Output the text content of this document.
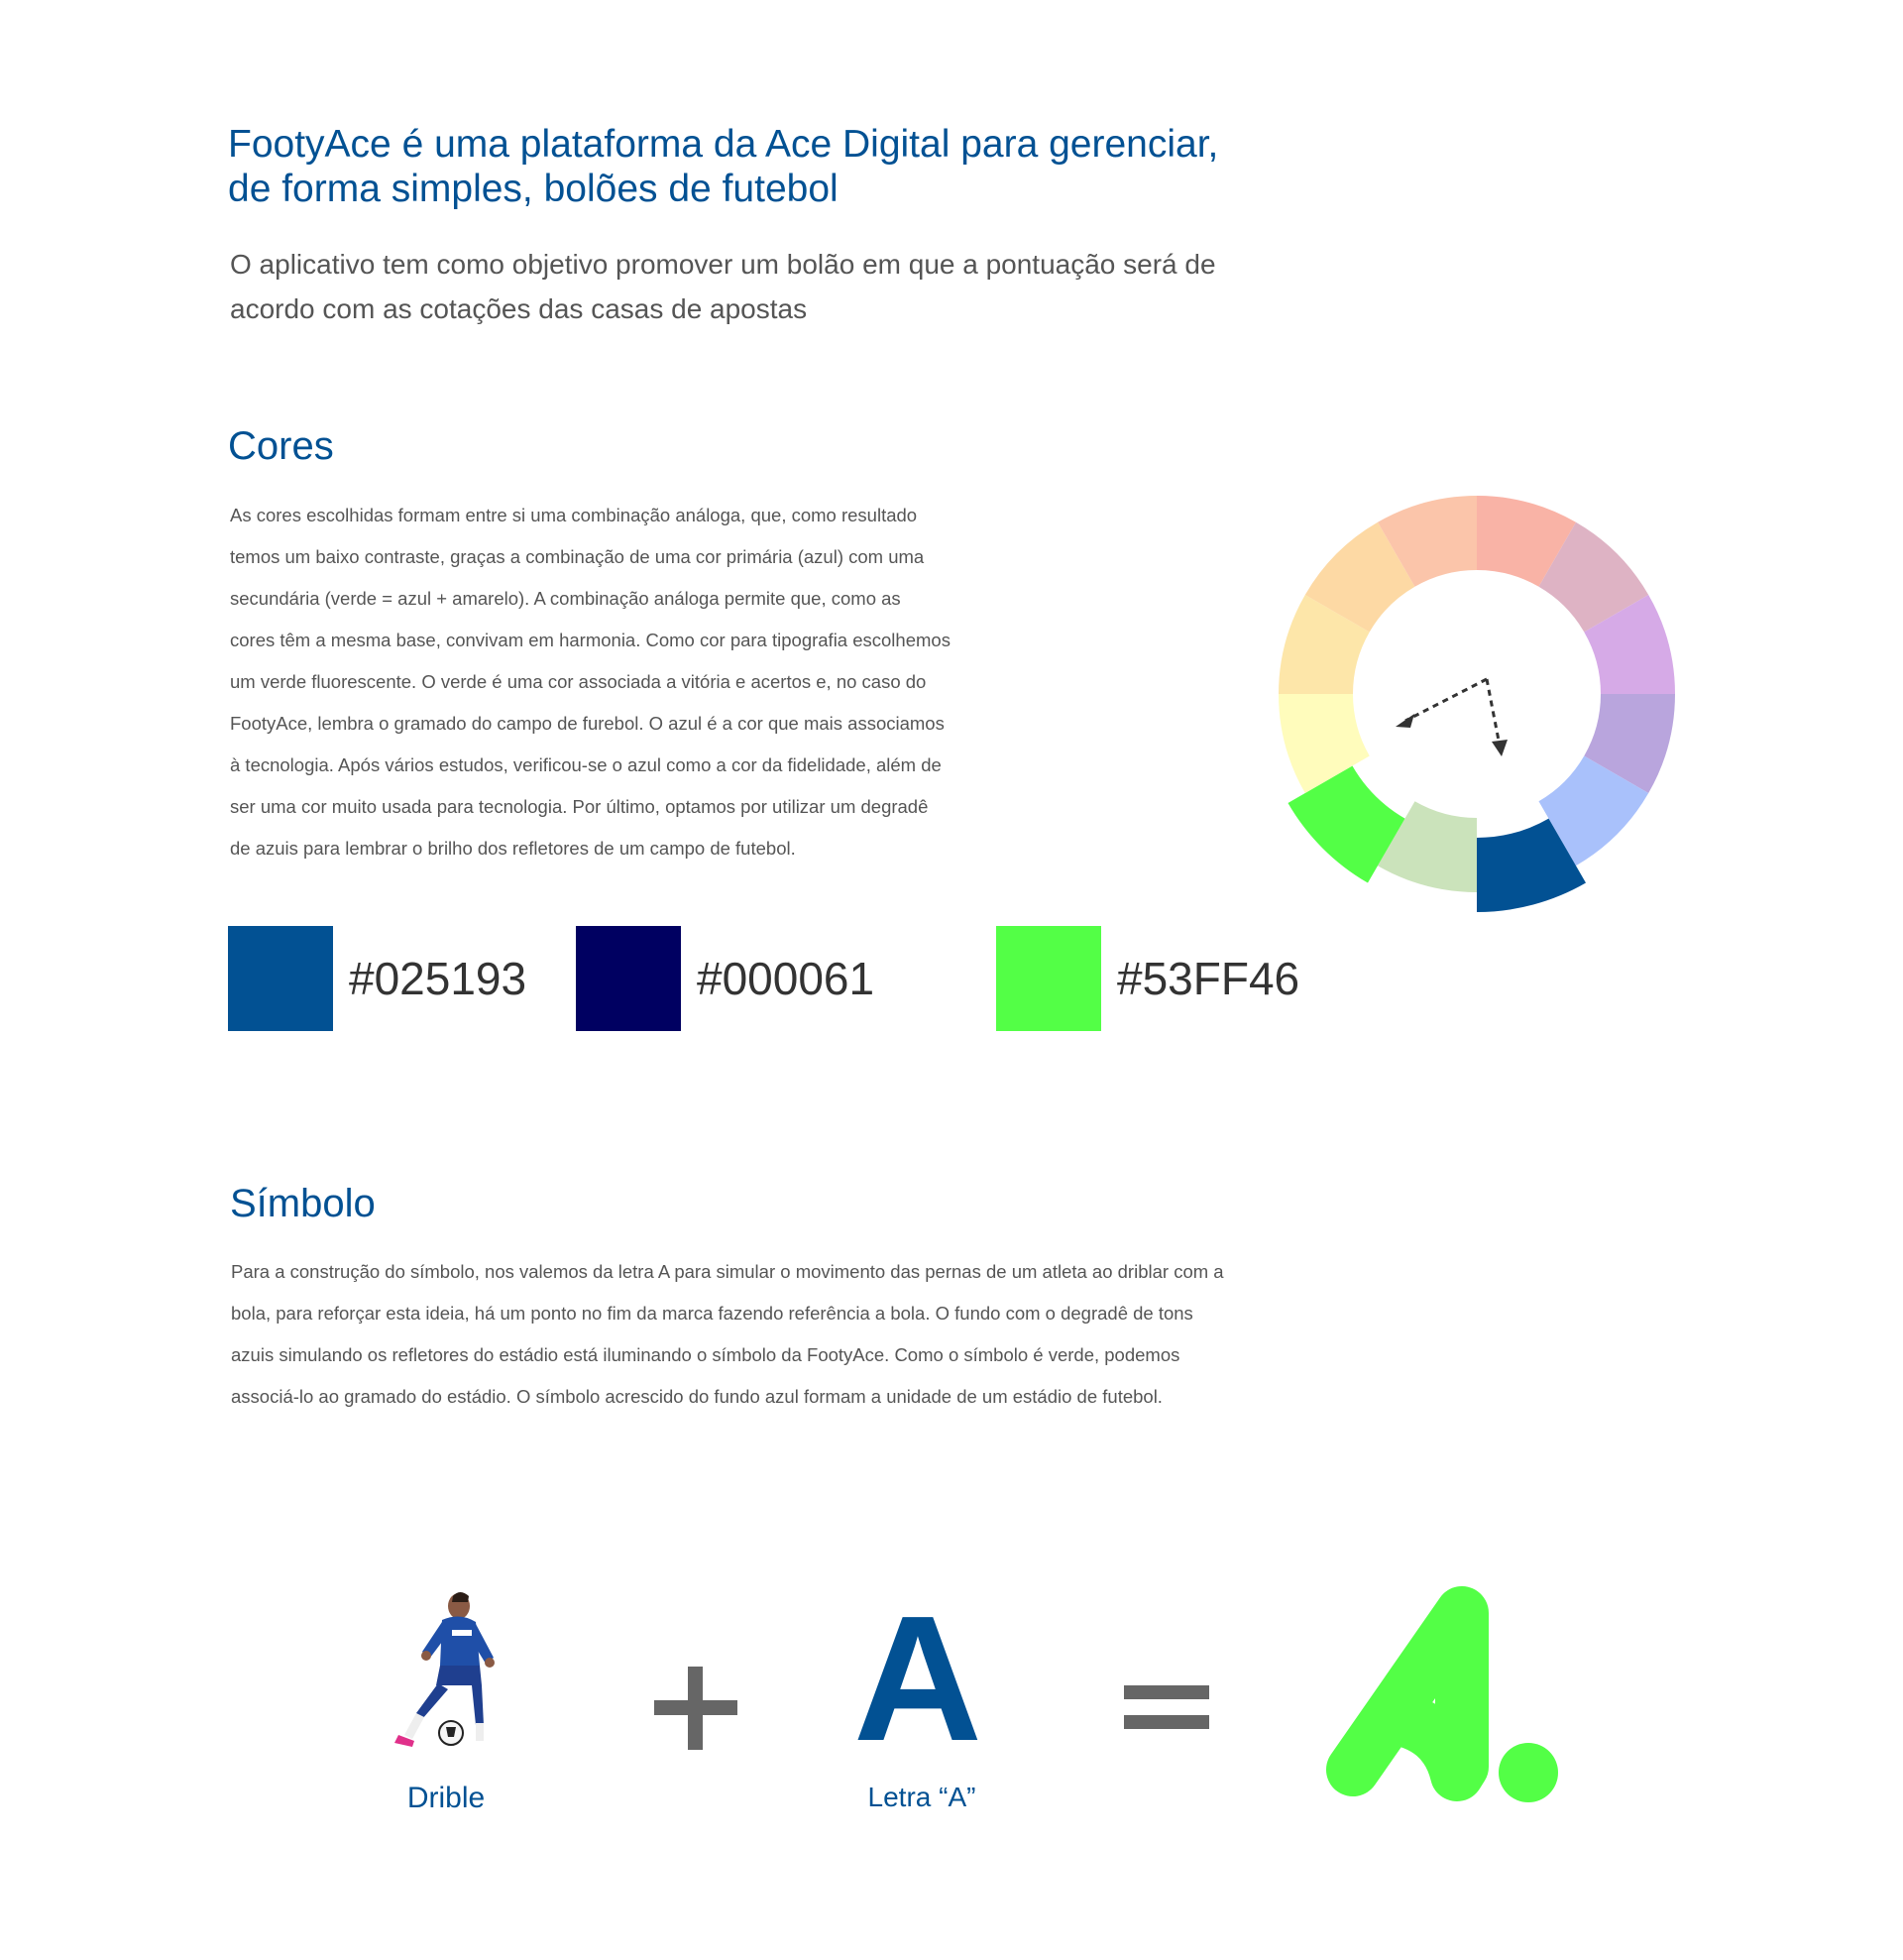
FootyAce é uma plataforma da Ace Digital para gerenciar,
de forma simples, bolões de futebol

O aplicativo tem como objetivo promover um bolão em que a pontuação será de
acordo com as cotações das casas de apostas

Cores

As cores escolhidas formam entre si uma combinação análoga, que, como resultado
temos um baixo contraste, graças a combinação de uma cor primária (azul) com uma
secundária (verde = azul + amarelo). A combinação análoga permite que, como as
cores têm a mesma base, convivam em harmonia. Como cor para tipografia escolhemos
um verde fluorescente. O verde é uma cor associada a vitória e acertos e, no caso do
FootyAce, lembra o gramado do campo de furebol. O azul é a cor que mais associamos
à tecnologia. Após vários estudos, verificou-se o azul como a cor da fidelidade, além de
ser uma cor muito usada para tecnologia. Por último, optamos por utilizar um degradê
de azuis para lembrar o brilho dos refletores de um campo de futebol.

#025193	#000061	#53FF46
Símbolo

Para a construção do símbolo, nos valemos da letra A para simular o movimento das pernas de um atleta ao driblar com a
bola, para reforçar esta ideia, há um ponto no fim da marca fazendo referência a bola. O fundo com o degradê de tons
azuis simulando os refletores do estádio está iluminando o símbolo da FootyAce. Como o símbolo é verde, podemos
associá-lo ao gramado do estádio. O símbolo acrescido do fundo azul formam a unidade de um estádio de futebol.

Drible
A
Letra “A”
